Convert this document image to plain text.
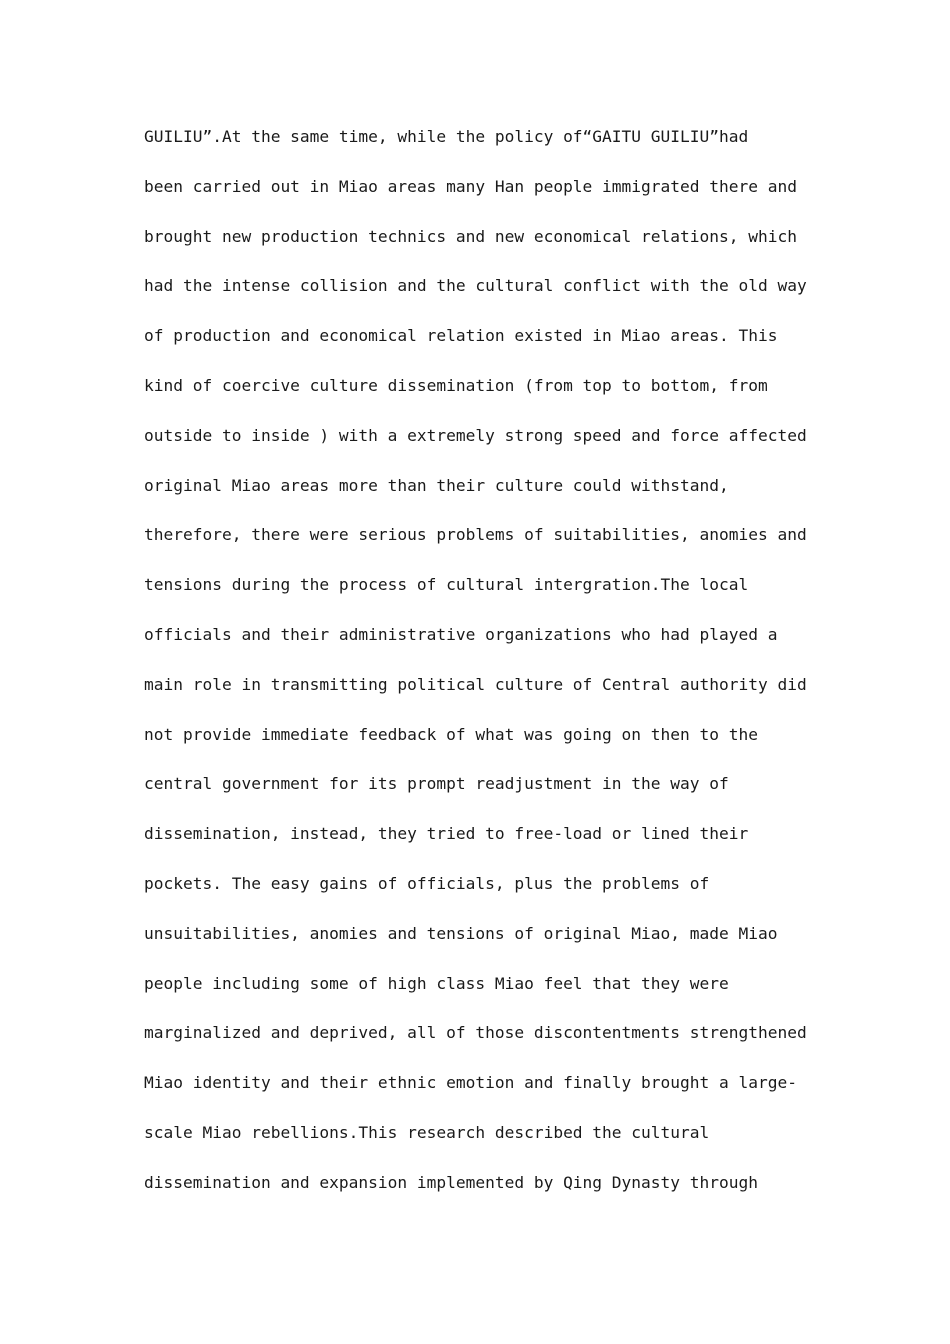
GUILIU”.At the same time, while the policy of“GAITU GUILIU”had
been carried out in Miao areas many Han people immigrated there and
brought new production technics and new economical relations, which
had the intense collision and the cultural conflict with the old way
of production and economical relation existed in Miao areas. This
kind of coercive culture dissemination (from top to bottom, from
outside to inside ) with a extremely strong speed and force affected
original Miao areas more than their culture could withstand,
therefore, there were serious problems of suitabilities, anomies and
tensions during the process of cultural intergration.The local
officials and their administrative organizations who had played a
main role in transmitting political culture of Central authority did
not provide immediate feedback of what was going on then to the
central government for its prompt readjustment in the way of
dissemination, instead, they tried to free-load or lined their
pockets. The easy gains of officials, plus the problems of
unsuitabilities, anomies and tensions of original Miao, made Miao
people including some of high class Miao feel that they were
marginalized and deprived, all of those discontentments strengthened
Miao identity and their ethnic emotion and finally brought a large-
scale Miao rebellions.This research described the cultural
dissemination and expansion implemented by Qing Dynasty through
